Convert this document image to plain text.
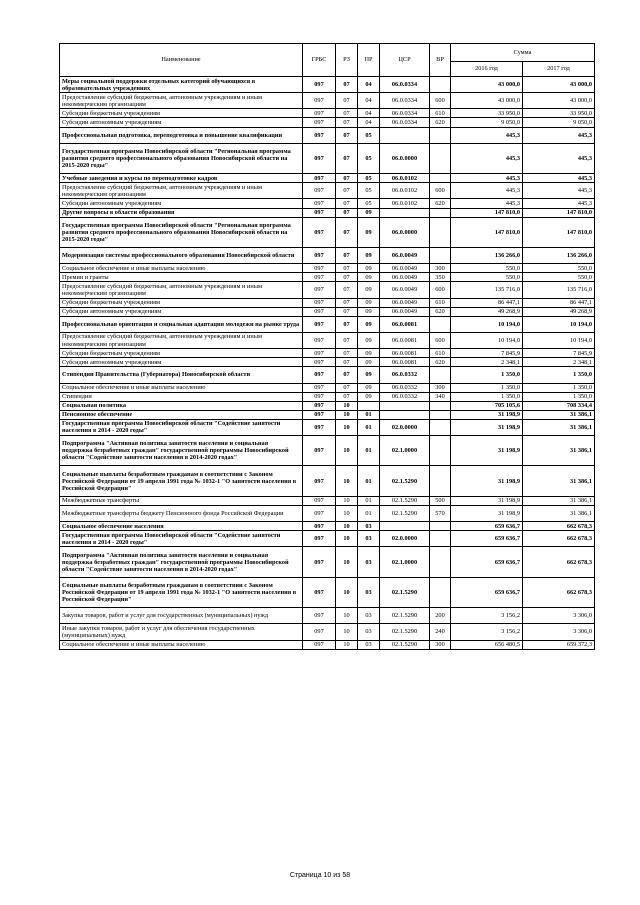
Наименование	ГРБС	РЗ	ПР	ЦСР	ВР	Сумма	
						2016 год	2017 год
Меры социальной поддержки отдельных категорий обучающихся в образовательных учреждениях	097	07	04	06.0.0334		43 000,0	43 000,0
Предоставление субсидий бюджетным, автономным учреждениям и иным некоммерческим организациям	097	07	04	06.0.0334	600	43 000,0	43 000,0
Субсидии бюджетным учреждениям	097	07	04	06.0.0334	610	33 950,0	33 950,0
Субсидии автономным учреждениям	097	07	04	06.0.0334	620	9 050,0	9 050,0
Профессиональная подготовка, переподготовка и повышение квалификации	097	07	05			445,3	445,3
Государственная программа Новосибирской области "Региональная программа развития среднего профессионального образования Новосибирской области на 2015-2020 годы"	097	07	05	06.0.0000		445,3	445,3
Учебные заведения и курсы по переподготовке кадров	097	07	05	06.0.0102		445,3	445,3
Предоставление субсидий бюджетным, автономным учреждениям и иным некоммерческим организациям	097	07	05	06.0.0102	600	445,3	445,3
Субсидии автономным учреждениям	097	07	05	06.0.0102	620	445,3	445,3
Другие вопросы в области образования	097	07	09			147 810,0	147 810,0
Государственная программа Новосибирской области "Региональная программа развития среднего профессионального образования Новосибирской области на 2015-2020 годы"	097	07	09	06.0.0000		147 810,0	147 810,0
Модернизация системы профессионального образования Новосибирской области	097	07	09	06.0.0049		136 266,0	136 266,0
Социальное обеспечение и иные выплаты населению	097	07	09	06.0.0049	300	550,0	550,0
Премии и гранты	097	07	09	06.0.0049	350	550,0	550,0
Предоставление субсидий бюджетным, автономным учреждениям и иным некоммерческим организациям	097	07	09	06.0.0049	600	135 716,0	135 716,0
Субсидии бюджетным учреждениям	097	07	09	06.0.0049	610	86 447,1	86 447,1
Субсидии автономным учреждениям	097	07	09	06.0.0049	620	49 268,9	49 268,9
Профессиональная ориентация и социальная адаптация молодежи на рынке труда	097	07	09	06.0.0081		10 194,0	10 194,0
Предоставление субсидий бюджетным, автономным учреждениям и иным некоммерческим организациям	097	07	09	06.0.0081	600	10 194,0	10 194,0
Субсидии бюджетным учреждениям	097	07	09	06.0.0081	610	7 845,9	7 845,9
Субсидии автономным учреждениям	097	07	09	06.0.0081	620	2 348,1	2 348,1
Стипендии Правительства (Губернатора) Новосибирской области	097	07	09	06.0.0332		1 350,0	1 350,0
Социальное обеспечение и иные выплаты населению	097	07	09	06.0.0332	300	1 350,0	1 350,0
Стипендии	097	07	09	06.0.0332	340	1 350,0	1 350,0
Социальная политика	097	10				705 105,6	708 334,4
Пенсионное обеспечение	097	10	01			31 198,9	31 386,1
Государственная программа Новосибирской области "Содействие занятости населения в 2014 - 2020 годы"	097	10	01	02.0.0000		31 198,9	31 386,1
Подпрограмма "Активная политика занятости населения и социальная поддержка безработных граждан" государственной программы Новосибирской области "Содействие занятости населения в 2014-2020 годах"	097	10	01	02.1.0000		31 198,9	31 386,1
Социальные выплаты безработным гражданам в соответствии с Законом Российской Федерации от 19 апреля 1991 года № 1032-1 "О занятости населения в Российской Федерации"	097	10	01	02.1.5290		31 198,9	31 386,1
Межбюджетные трансферты	097	10	01	02.1.5290	500	31 198,9	31 386,1
Межбюджетные трансферты бюджету Пенсионного фонда Российской Федерации	097	10	01	02.1.5290	570	31 198,9	31 386,1
Социальное обеспечение населения	097	10	03			659 636,7	662 678,3
Государственная программа Новосибирской области "Содействие занятости населения в 2014 - 2020 годы"	097	10	03	02.0.0000		659 636,7	662 678,3
Подпрограмма "Активная политика занятости населения и социальная поддержка безработных граждан" государственной программы Новосибирской области "Содействие занятости населения в 2014-2020 годах"	097	10	03	02.1.0000		659 636,7	662 678,3
Социальные выплаты безработным гражданам в соответствии с Законом Российской Федерации от 19 апреля 1991 года № 1032-1 "О занятости населения в Российской Федерации"	097	10	03	02.1.5290		659 636,7	662 678,3
Закупка товаров, работ и услуг для государственных (муниципальных) нужд	097	10	03	02.1.5290	200	3 156,2	3 306,0
Иные закупки товаров, работ и услуг для обеспечения государственных (муниципальных) нужд	097	10	03	02.1.5290	240	3 156,2	3 306,0
Социальное обеспечение и иные выплаты населению	097	10	03	02.1.5290	300	656 480,5	659 372,3
Страница 10 из 58
